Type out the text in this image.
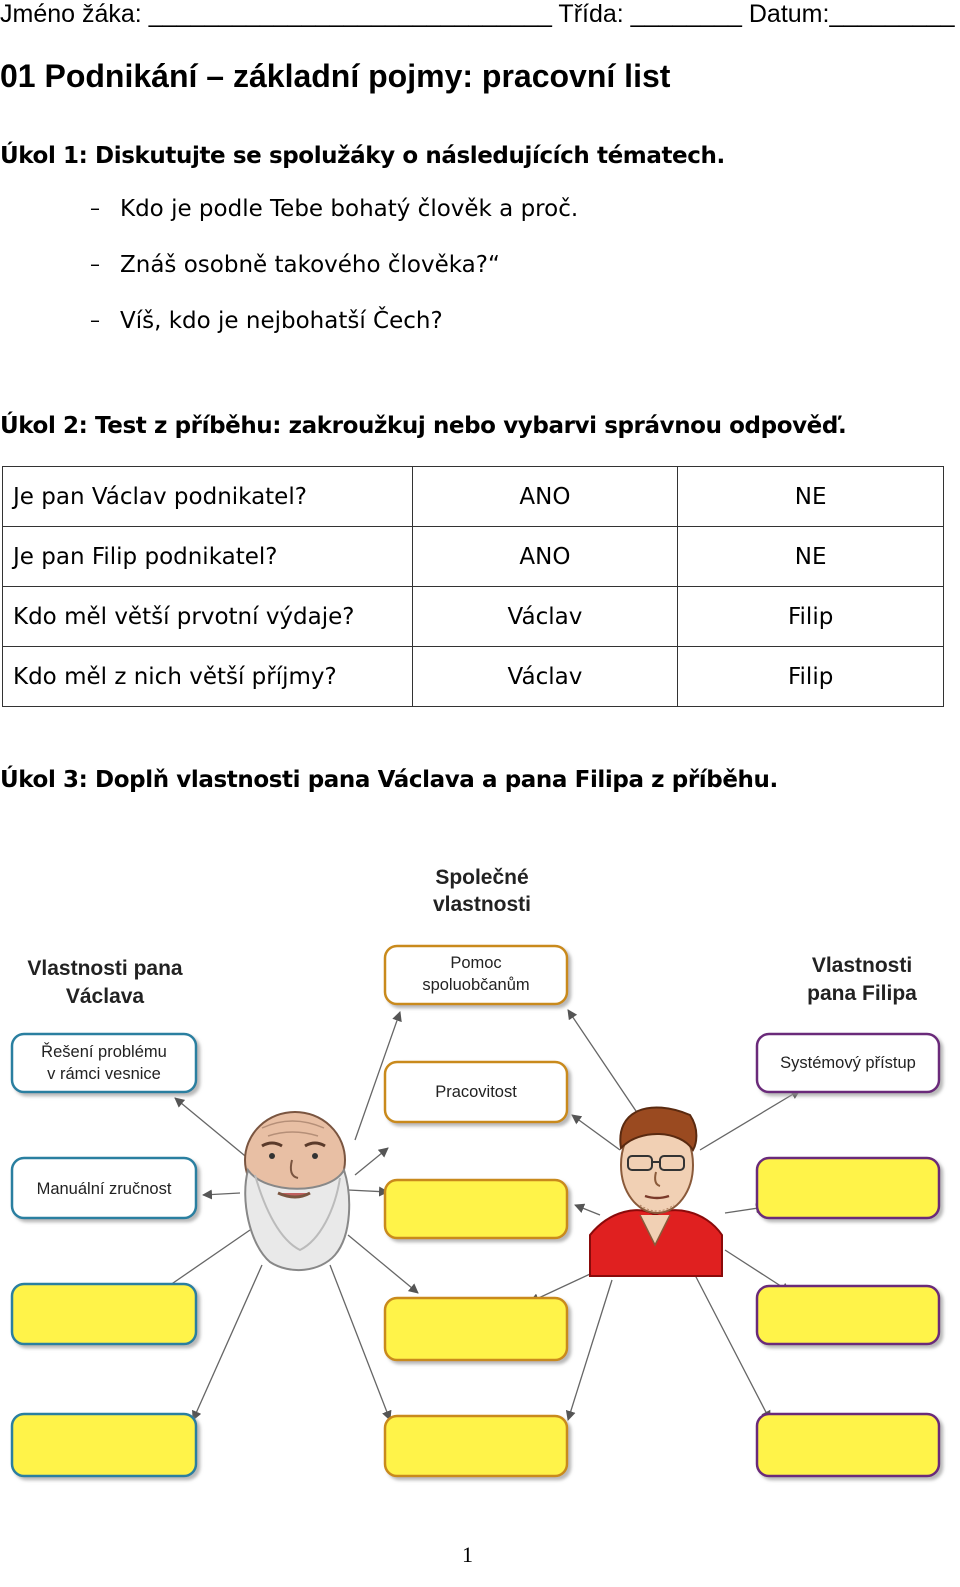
Jméno žáka: _____________________________ Třída: ________ Datum:_________
01 Podnikání – základní pojmy: pracovní list
Úkol 1: Diskutujte se spolužáky o následujících tématech.
– Kdo je podle Tebe bohatý člověk a proč.
– Znáš osobně takového člověka?“
– Víš, kdo je nejbohatší Čech?
Úkol 2: Test z příběhu: zakroužkuj nebo vybarvi správnou odpověď.
Je pan Václav podnikatel?	ANO	NE
Je pan Filip podnikatel?	ANO	NE
Kdo měl větší prvotní výdaje?	Václav	Filip
Kdo měl z nich větší příjmy?	Václav	Filip
Úkol 3: Doplň vlastnosti pana Václava a pana Filipa z příběhu.
Vlastnosti pana
Václava
Společné
vlastnosti
Vlastnosti
pana Filipa
Řešení problému
v rámci vesnice
Manuální zručnost
Pomoc
spoluobčanům
Pracovitost
Systémový přístup
1
